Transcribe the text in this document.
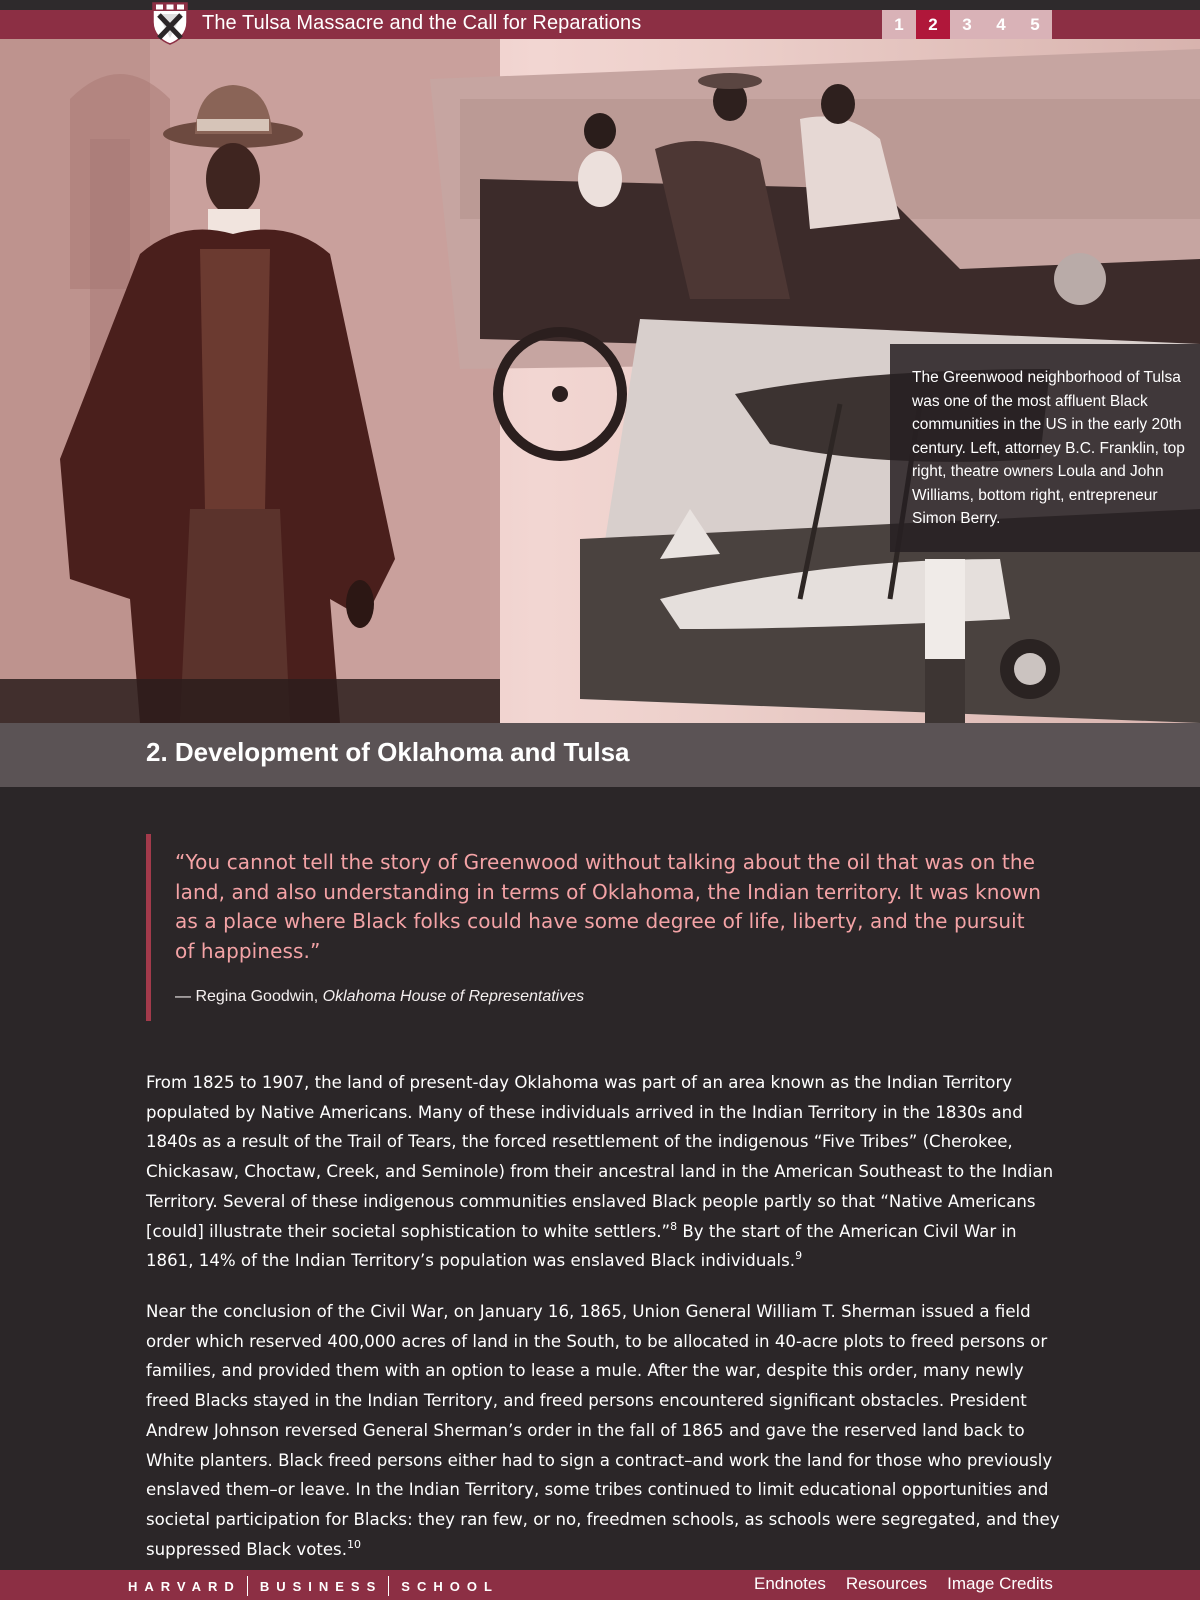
The Tulsa Massacre and the Call for Reparations	1	2	3	4	5
The Greenwood neighborhood of Tulsa was one of the most affluent Black communities in the US in the early 20th century. Left, attorney B.C. Franklin, top right, theatre owners Loula and John Williams, bottom right, entrepreneur Simon Berry.
2. Development of Oklahoma and Tulsa

“You cannot tell the story of Greenwood without talking about the oil that was on the land, and also understanding in terms of Oklahoma, the Indian territory. It was known as a place where Black folks could have some degree of life, liberty, and the pursuit of happiness.”

— Regina Goodwin, Oklahoma House of Representatives

From 1825 to 1907, the land of present-day Oklahoma was part of an area known as the Indian Territory populated by Native Americans. Many of these individuals arrived in the Indian Territory in the 1830s and 1840s as a result of the Trail of Tears, the forced resettlement of the indigenous “Five Tribes” (Cherokee, Chickasaw, Choctaw, Creek, and Seminole) from their ancestral land in the American Southeast to the Indian Territory. Several of these indigenous communities enslaved Black people partly so that “Native Americans [could] illustrate their societal sophistication to white settlers.”$^8$ By the start of the American Civil War in 1861, 14% of the Indian Territory’s population was enslaved Black individuals.$^9$

Near the conclusion of the Civil War, on January 16, 1865, Union General William T. Sherman issued a field order which reserved 400,000 acres of land in the South, to be allocated in 40-acre plots to freed persons or families, and provided them with an option to lease a mule. After the war, despite this order, many newly freed Blacks stayed in the Indian Territory, and freed persons encountered significant obstacles. President Andrew Johnson reversed General Sherman’s order in the fall of 1865 and gave the reserved land back to White planters. Black freed persons either had to sign a contract–and work the land for those who previously enslaved them–or leave. In the Indian Territory, some tribes continued to limit educational opportunities and societal participation for Blacks: they ran few, or no, freedmen schools, as schools were segregated, and they suppressed Black votes.$^{10}$

HARVARD BUSINESS SCHOOL	Endnotes Resources Image Credits
